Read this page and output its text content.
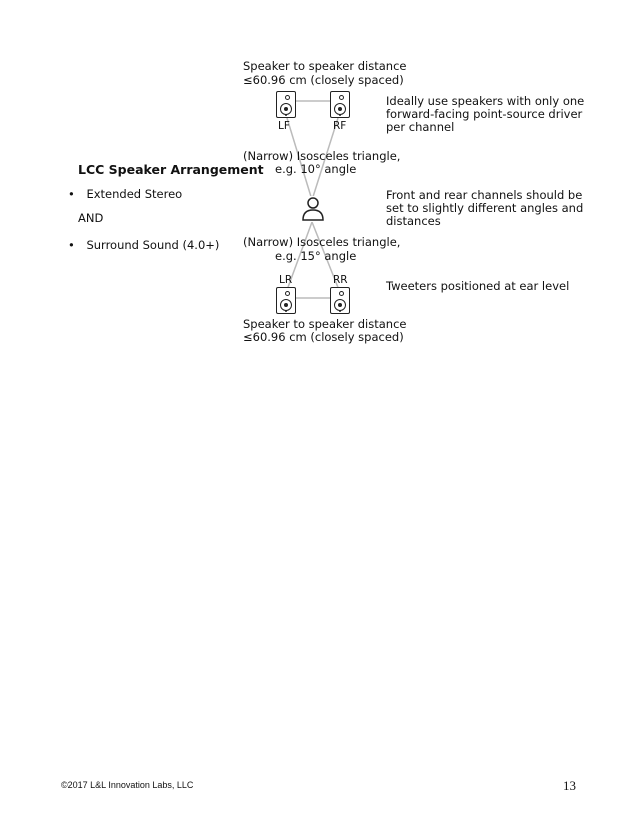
LCC Speaker Arrangement
• Extended Stereo
AND
• Surround Sound (4.0+)
Speaker to speaker distance
≤60.96 cm (closely spaced)
LF	RF
(Narrow) Isosceles triangle,
e.g. 10° angle
(Narrow) Isosceles triangle,
e.g. 15° angle
LR	RR
Speaker to speaker distance
≤60.96 cm (closely spaced)
Ideally use speakers with only one
forward-facing point-source driver
per channel
Front and rear channels should be
set to slightly different angles and
distances
Tweeters positioned at ear level
©2017 L&L Innovation Labs, LLC	13
